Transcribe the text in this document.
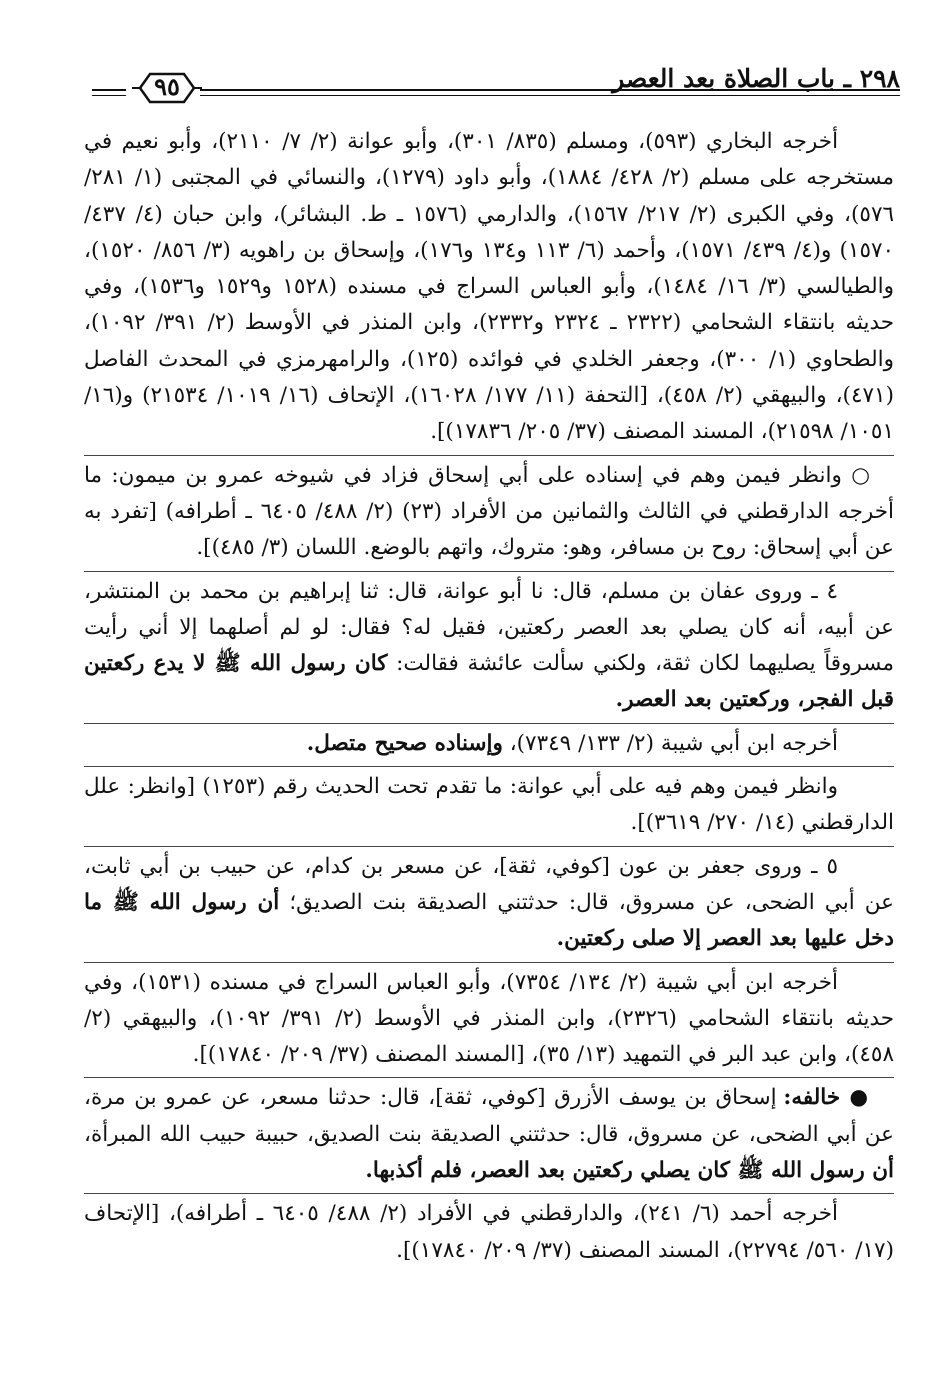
٢٩٨ ـ باب الصلاة بعد العصر
٩٥

أخرجه البخاري (٥٩٣)، ومسلم (٨٣٥/ ٣٠١)، وأبو عوانة (٢/ ٧/ ٢١١٠)، وأبو نعيم في مستخرجه على مسلم (٢/ ٤٢٨/ ١٨٨٤)، وأبو داود (١٢٧٩)، والنسائي في المجتبى (١/ ٢٨١/ ٥٧٦)، وفي الكبرى (٢/ ٢١٧/ ١٥٦٧)، والدارمي (١٥٧٦ ـ ط. البشائر)، وابن حبان (٤/ ٤٣٧/ ١٥٧٠) و(٤/ ٤٣٩/ ١٥٧١)، وأحمد (٦/ ١١٣ و١٣٤ و١٧٦)، وإسحاق بن راهويه (٣/ ٨٥٦/ ١٥٢٠)، والطيالسي (٣/ ١٦/ ١٤٨٤)، وأبو العباس السراج في مسنده (١٥٢٨ و١٥٢٩ و١٥٣٦)، وفي حديثه بانتقاء الشحامي (٢٣٢٢ ـ ٢٣٢٤ و٢٣٣٢)، وابن المنذر في الأوسط (٢/ ٣٩١/ ١٠٩٢)، والطحاوي (١/ ٣٠٠)، وجعفر الخلدي في فوائده (١٢٥)، والرامهرمزي في المحدث الفاصل (٤٧١)، والبيهقي (٢/ ٤٥٨)، [التحفة (١١/ ١٧٧/ ١٦٠٢٨)، الإتحاف (١٦/ ١٠١٩/ ٢١٥٣٤) و(١٦/ ١٠٥١/ ٢١٥٩٨)، المسند المصنف (٣٧/ ٢٠٥/ ١٧٨٣٦)].

○ وانظر فيمن وهم في إسناده على أبي إسحاق فزاد في شيوخه عمرو بن ميمون: ما أخرجه الدارقطني في الثالث والثمانين من الأفراد (٢٣) (٢/ ٤٨٨/ ٦٤٠٥ ـ أطرافه) [تفرد به عن أبي إسحاق: روح بن مسافر، وهو: متروك، واتهم بالوضع. اللسان (٣/ ٤٨٥)].

٤ ـ وروى عفان بن مسلم، قال: نا أبو عوانة، قال: ثنا إبراهيم بن محمد بن المنتشر، عن أبيه، أنه كان يصلي بعد العصر ركعتين، فقيل له؟ فقال: لو لم أصلهما إلا أني رأيت مسروقاً يصليهما لكان ثقة، ولكني سألت عائشة فقالت: كان رسول الله ﷺ لا يدع ركعتين قبل الفجر، وركعتين بعد العصر.

أخرجه ابن أبي شيبة (٢/ ١٣٣/ ٧٣٤٩)، وإسناده صحيح متصل.

وانظر فيمن وهم فيه على أبي عوانة: ما تقدم تحت الحديث رقم (١٢٥٣) [وانظر: علل الدارقطني (١٤/ ٢٧٠/ ٣٦١٩)].

٥ ـ وروى جعفر بن عون [كوفي، ثقة]، عن مسعر بن كدام، عن حبيب بن أبي ثابت، عن أبي الضحى، عن مسروق، قال: حدثتني الصديقة بنت الصديق؛ أن رسول الله ﷺ ما دخل عليها بعد العصر إلا صلى ركعتين.

أخرجه ابن أبي شيبة (٢/ ١٣٤/ ٧٣٥٤)، وأبو العباس السراج في مسنده (١٥٣١)، وفي حديثه بانتقاء الشحامي (٢٣٢٦)، وابن المنذر في الأوسط (٢/ ٣٩١/ ١٠٩٢)، والبيهقي (٢/ ٤٥٨)، وابن عبد البر في التمهيد (١٣/ ٣٥)، [المسند المصنف (٣٧/ ٢٠٩/ ١٧٨٤٠)].

● خالفه: إسحاق بن يوسف الأزرق [كوفي، ثقة]، قال: حدثنا مسعر، عن عمرو بن مرة، عن أبي الضحى، عن مسروق، قال: حدثتني الصديقة بنت الصديق، حبيبة حبيب الله المبرأة، أن رسول الله ﷺ كان يصلي ركعتين بعد العصر، فلم أكذبها.

أخرجه أحمد (٦/ ٢٤١)، والدارقطني في الأفراد (٢/ ٤٨٨/ ٦٤٠٥ ـ أطرافه)، [الإتحاف (١٧/ ٥٦٠/ ٢٢٧٩٤)، المسند المصنف (٣٧/ ٢٠٩/ ١٧٨٤٠)].
